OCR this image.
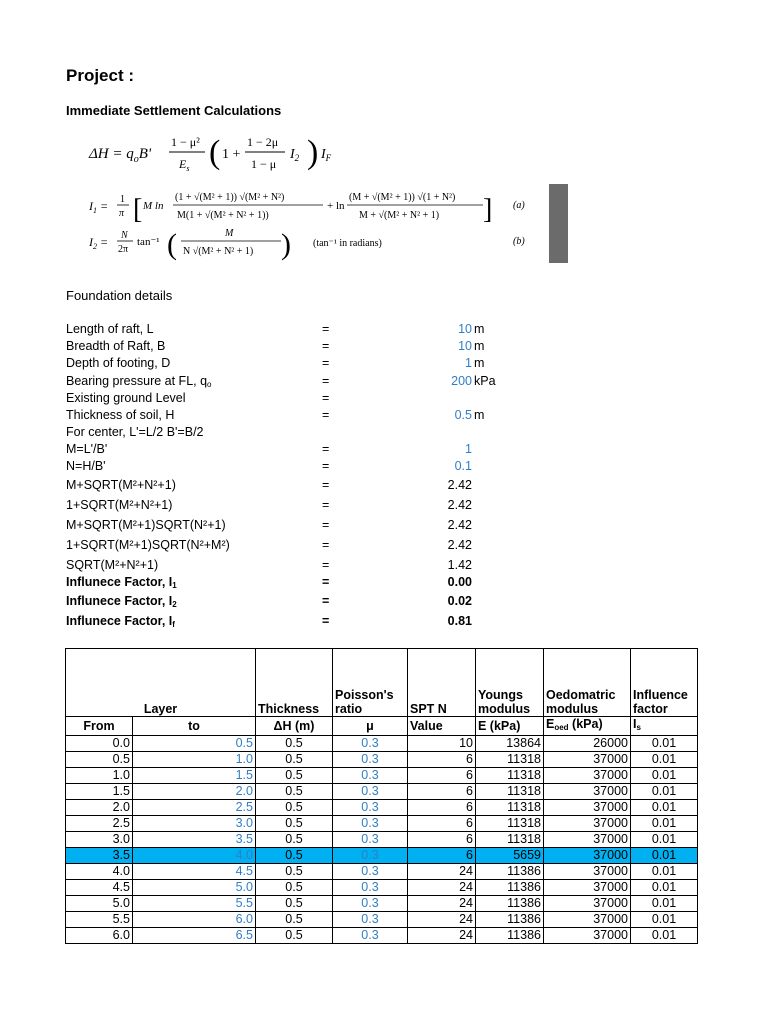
Project :
Immediate Settlement Calculations
$\Delta H = q_oB'$
1 − μ²
$E_s$ ( 1 +
1 − 2μ
1 − μ
$I_2$ ) $I_F$
$I_1 = 1$
π [ M ln
(1 + √(M² + 1)) √(M² + N²)
M(1 + √(M² + N² + 1))
+ ln
(M + √(M² + 1)) √(1 + N²)
M + √(M² + N² + 1) ] (a)
$I_2 = N$
2π
tan⁻¹ (	M
N √(M² + N² + 1) ) (tan⁻¹ in radians)	(b)
Foundation details
Length of raft, L	=	10 m
Breadth of Raft, B	=	10 m
Depth of footing, D	=	1 m
Bearing pressure at FL, $q_o$	=	200 kPa
Existing ground Level	=
Thickness of soil, H	=	0.5 m
For center, L'=L/2 B'=B/2
M=L'/B'	=	1
N=H/B'	=	0.1
M+SQRT(M²+N²+1)	=	2.42
1+SQRT(M²+N²+1)	=	2.42
M+SQRT(M²+1)SQRT(N²+1)	=	2.42
1+SQRT(M²+1)SQRT(N²+M²)	=	2.42
SQRT(M²+N²+1)	=	1.42
Influnece Factor, $I_1$	=	0.00
Influnece Factor, $I_2$	=	0.02
Influnece Factor, $I_f$	=	0.81
Layer		Thickness	Poisson's ratio	SPT N	Youngs modulus	Oedomatric modulus	Influence factor
From	to	ΔH (m)	μ	Value	E (kPa)	$E_{oed}$ (kPa)	$I_s$
0.0	0.5	0.5	0.3	10	13864	26000	0.01
0.5	1.0	0.5	0.3	6	11318	37000	0.01
1.0	1.5	0.5	0.3	6	11318	37000	0.01
1.5	2.0	0.5	0.3	6	11318	37000	0.01
2.0	2.5	0.5	0.3	6	11318	37000	0.01
2.5	3.0	0.5	0.3	6	11318	37000	0.01
3.0	3.5	0.5	0.3	6	11318	37000	0.01
3.5	4.0	0.5	0.3	6	5659	37000	0.01
4.0	4.5	0.5	0.3	24	11386	37000	0.01
4.5	5.0	0.5	0.3	24	11386	37000	0.01
5.0	5.5	0.5	0.3	24	11386	37000	0.01
5.5	6.0	0.5	0.3	24	11386	37000	0.01
6.0	6.5	0.5	0.3	24	11386	37000	0.01
